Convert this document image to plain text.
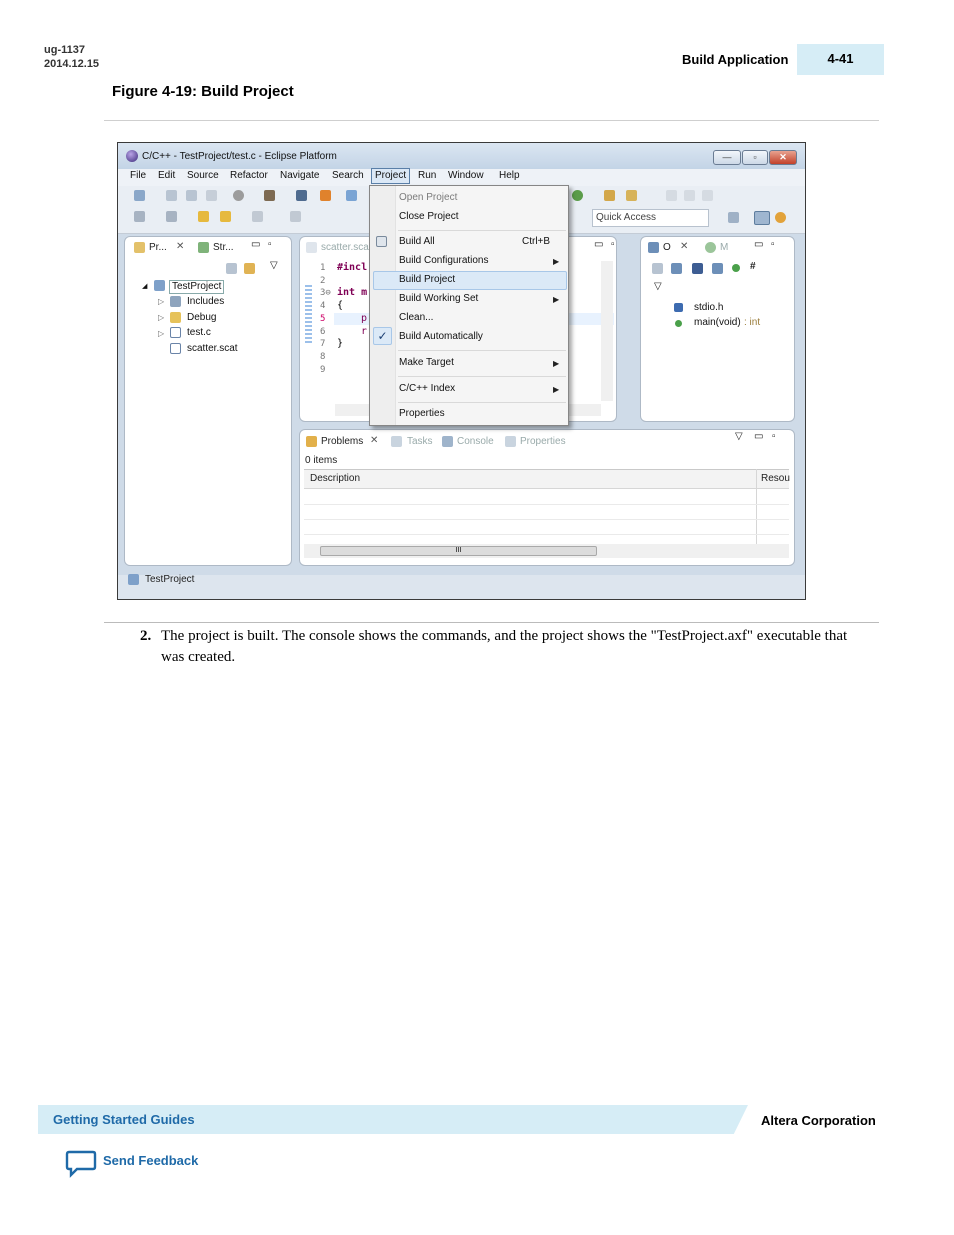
ug-1137
2014.12.15	Build Application	4-41
Figure 4-19: Build Project
C/C++ - TestProject/test.c - Eclipse Platform	—	▫	✕
File Edit Source Refactor Navigate Search	Project	Run Window Help
Quick Access
Pr... ✕	Str... ▭ ▫
▽
◢	TestProject
▷ Includes
▷ Debug
▷ test.c
scatter.scat
scatter.sca
1
2
3⊖
4
5
6
7
8
9
#incl
int m
{
p
r
}
▭ ▫	O ✕	M	▭ ▫
#
▽
stdio.h
main(void) : int
Problems ✕	Tasks Console	Properties	▽ ▭ ▫
0 items
Description	Resou
III
TestProject
Open Project
Close Project
Build All	Ctrl+B
Build Configurations	▶
Build Project
Build Working Set	▶
Clean...
✓	Build Automatically
Make Target	▶
C/C++ Index	▶
Properties
2. The project is built. The console shows the commands, and the project shows the "TestProject.axf" executable that was created.
Getting Started Guides	Altera Corporation
Send Feedback
